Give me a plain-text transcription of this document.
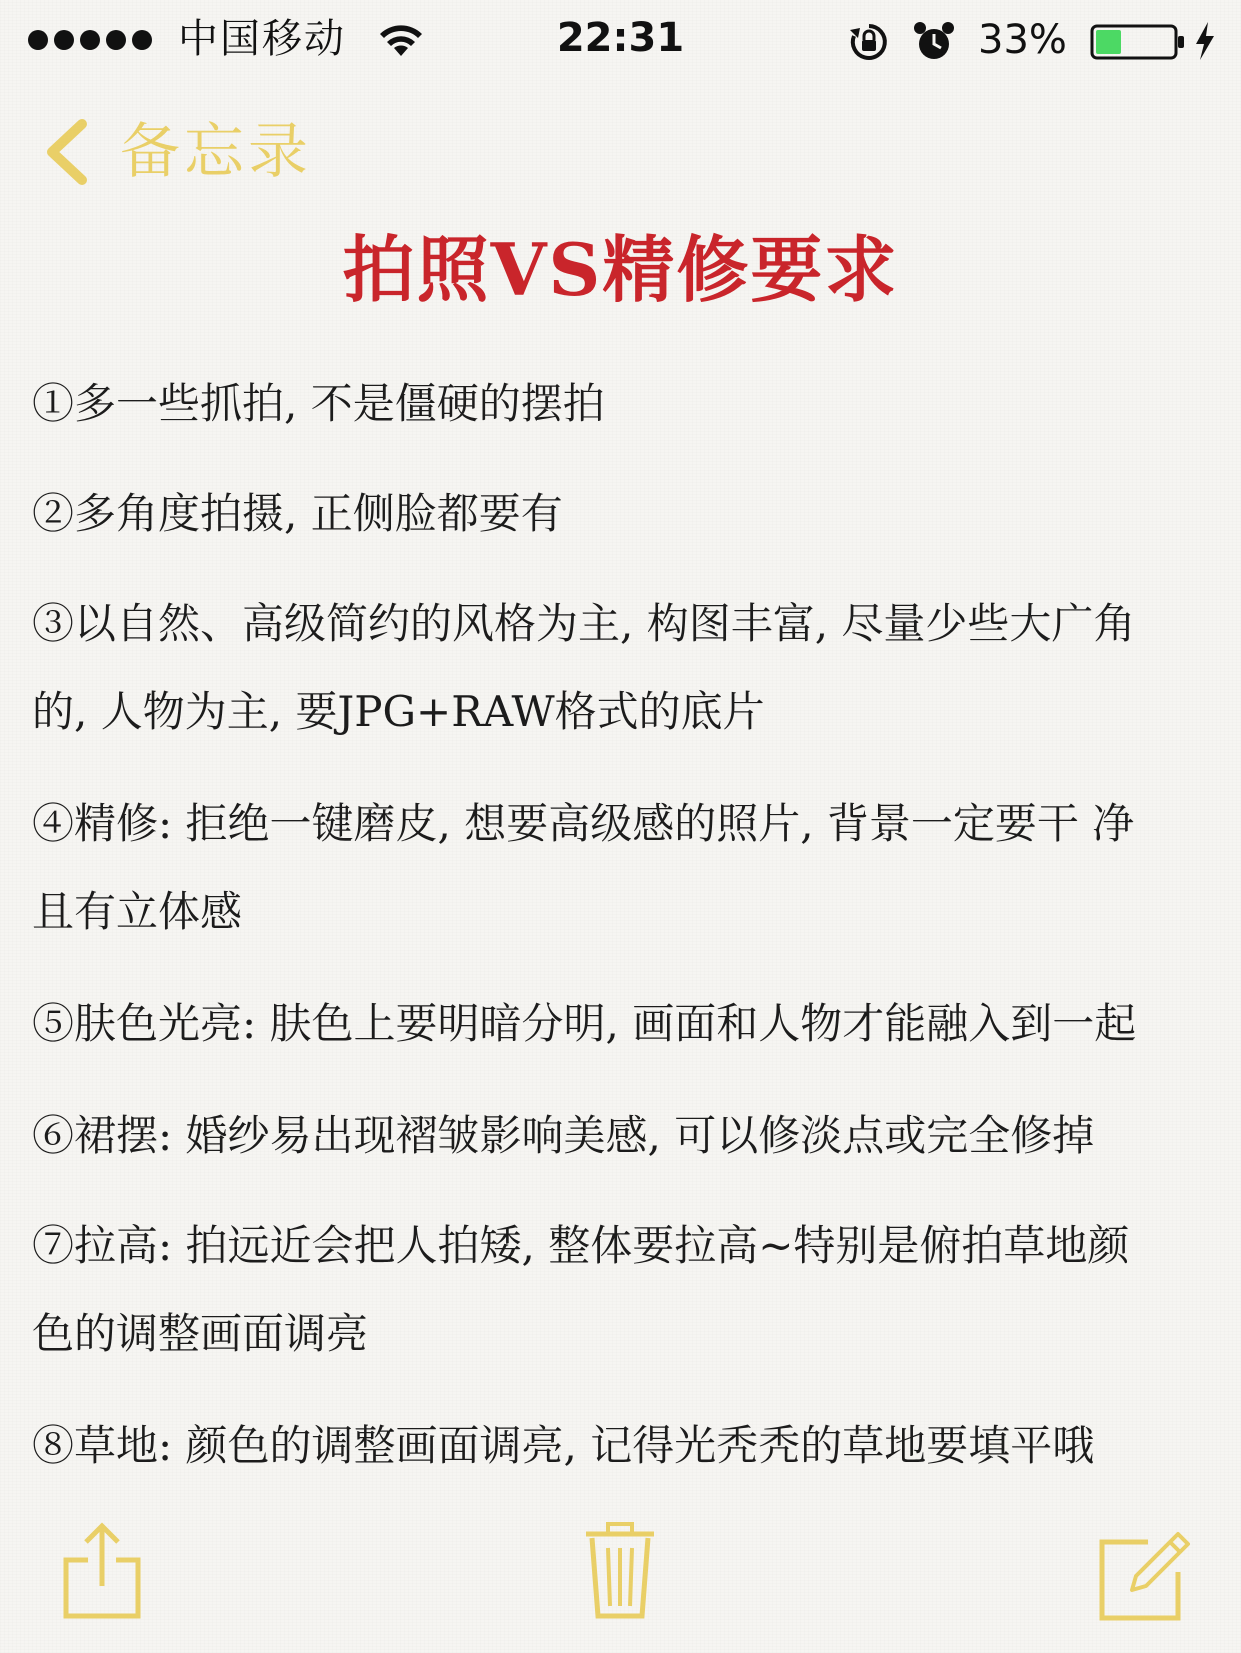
中国移动	22:31	33%
备忘录
拍照VS精修要求
①多一些抓拍, 不是僵硬的摆拍
②多角度拍摄, 正侧脸都要有
③以自然、高级简约的风格为主, 构图丰富, 尽量少些大广角
的, 人物为主, 要JPG+RAW格式的底片
④精修: 拒绝一键磨皮, 想要高级感的照片, 背景一定要干 净
且有立体感
⑤肤色光亮: 肤色上要明暗分明, 画面和人物才能融入到一起
⑥裙摆: 婚纱易出现褶皱影响美感, 可以修淡点或完全修掉
⑦拉高: 拍远近会把人拍矮, 整体要拉高~特别是俯拍草地颜
色的调整画面调亮
⑧草地: 颜色的调整画面调亮, 记得光秃秃的草地要填平哦
